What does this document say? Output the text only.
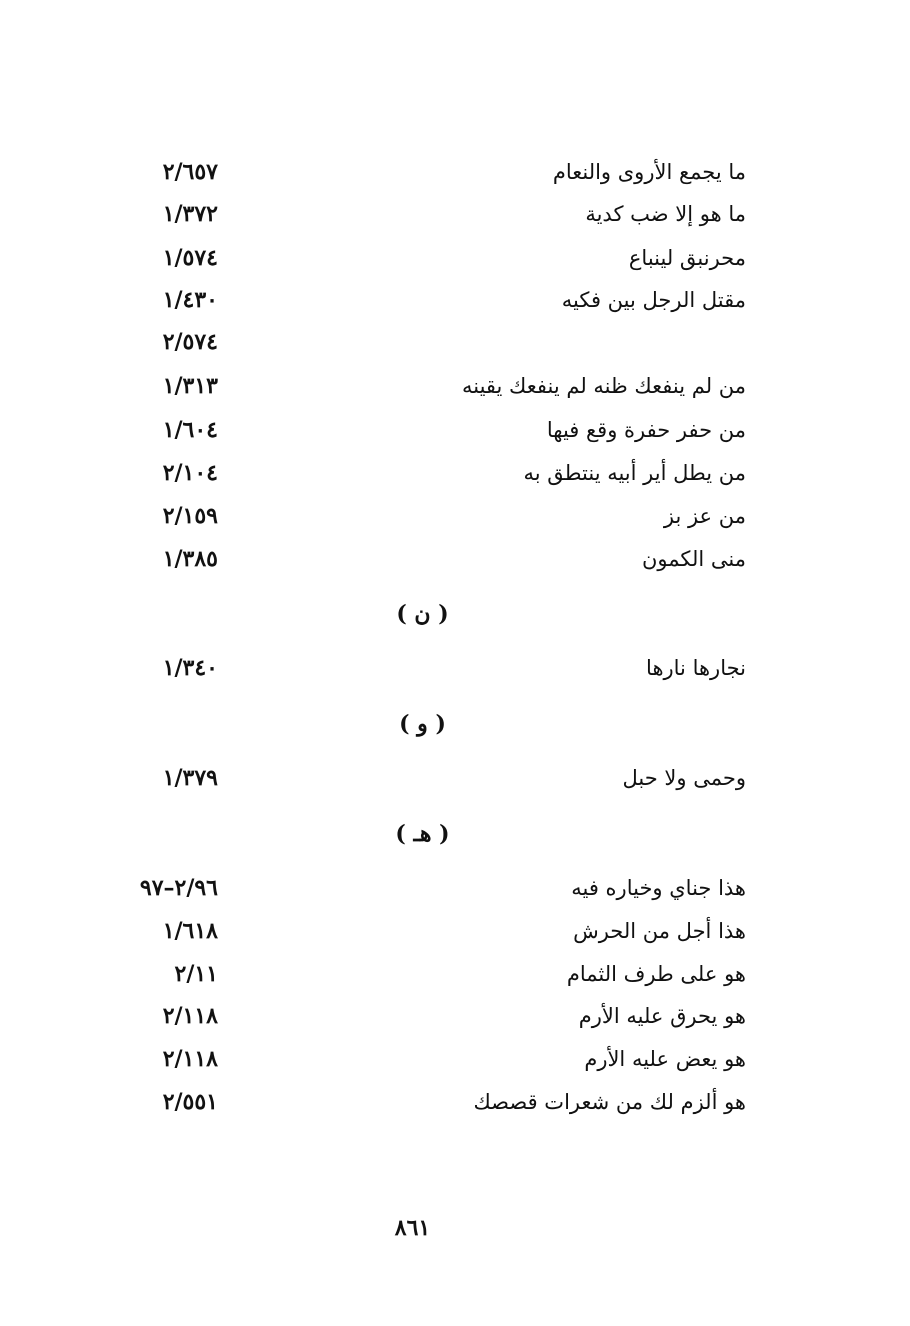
ما يجمع الأروى والنعام
٢/٦٥٧
ما هو إلا ضب كدية
١/٣٧٢
محرنبق لينباع
١/٥٧٤
مقتل الرجل بين فكيه
١/٤٣٠
٢/٥٧٤
من لم ينفعك ظنه لم ينفعك يقينه
١/٣١٣
من حفر حفرة وقع فيها
١/٦٠٤
من يطل أير أبيه ينتطق به
٢/١٠٤
من عز بز
٢/١٥٩
منى الكمون
١/٣٨٥
( ن )
نجارها نارها
١/٣٤٠
( و )
وحمى ولا حبل
١/٣٧٩
( هـ )
هذا جناي وخياره فيه
٢/٩٦–٩٧
هذا أجل من الحرش
١/٦١٨
هو على طرف الثمام
٢/١١
هو يحرق عليه الأرم
٢/١١٨
هو يعض عليه الأرم
٢/١١٨
هو ألزم لك من شعرات قصصك
٢/٥٥١
٨٦١
